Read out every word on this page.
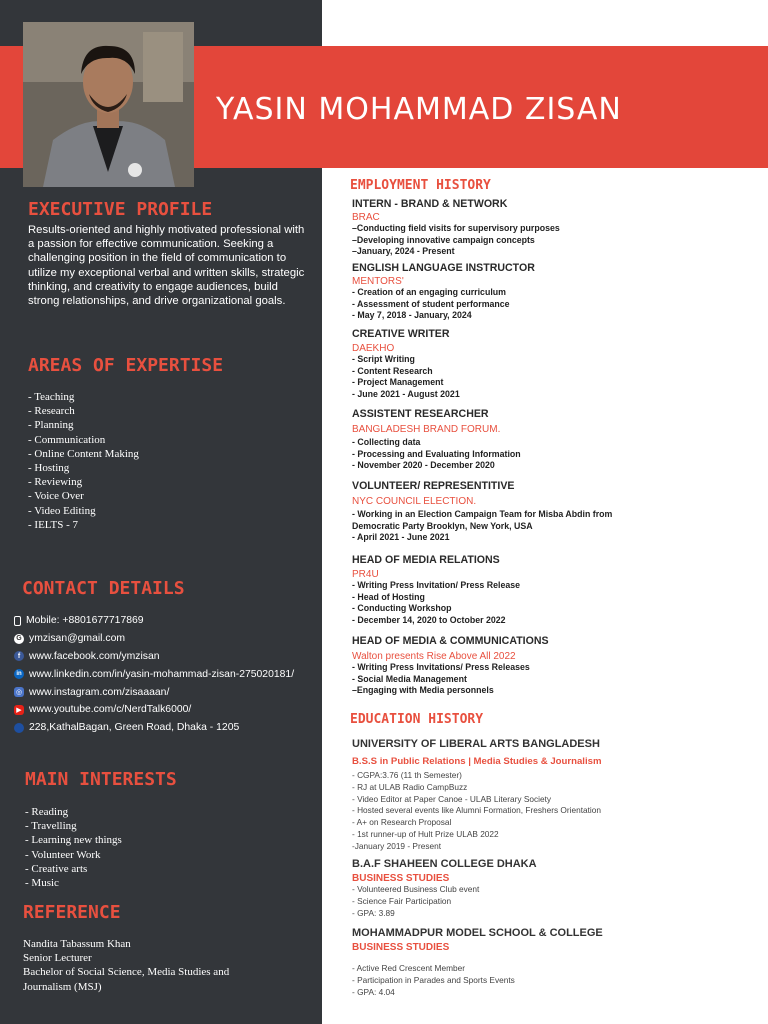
YASIN MOHAMMAD ZISAN
EXECUTIVE PROFILE
Results-oriented and highly motivated professional with a passion for effective communication. Seeking a challenging position in the field of communication to utilize my exceptional verbal and written skills, strategic thinking, and creativity to engage audiences, build strong relationships, and drive organizational goals.
AREAS OF EXPERTISE
- Teaching
- Research
- Planning
- Communication
- Online Content Making
- Hosting
- Reviewing
- Voice Over
- Video Editing
- IELTS - 7
CONTACT DETAILS
Mobile: +8801677717869
G ymzisan@gmail.com
f www.facebook.com/ymzisan
in www.linkedin.com/in/yasin-mohammad-zisan-275020181/
◎ www.instagram.com/zisaaaan/
▶ www.youtube.com/c/NerdTalk6000/
228,KathalBagan, Green Road, Dhaka - 1205
MAIN INTERESTS
- Reading
- Travelling
- Learning new things
- Volunteer Work
- Creative arts
- Music
REFERENCE
Nandita Tabassum Khan
Senior Lecturer
Bachelor of Social Science, Media Studies and
Journalism (MSJ)
EMPLOYMENT HISTORY
INTERN - BRAND & NETWORK
BRAC
–Conducting field visits for supervisory purposes
–Developing innovative campaign concepts
–January, 2024 - Present
ENGLISH LANGUAGE INSTRUCTOR
MENTORS'
- Creation of an engaging curriculum
- Assessment of student performance
- May 7, 2018 - January, 2024
CREATIVE WRITER
DAEKHO
- Script Writing
- Content Research
- Project Management
- June 2021 - August 2021
ASSISTENT RESEARCHER
BANGLADESH BRAND FORUM.
- Collecting data
- Processing and Evaluating Information
- November 2020 - December 2020
VOLUNTEER/ REPRESENTITIVE
NYC COUNCIL ELECTION.
- Working in an Election Campaign Team for Misba Abdin from Democratic Party Brooklyn, New York, USA
- April 2021 - June 2021
HEAD OF MEDIA RELATIONS
PR4U
- Writing Press Invitation/ Press Release
- Head of Hosting
- Conducting Workshop
- December 14, 2020 to October 2022
HEAD OF MEDIA & COMMUNICATIONS
Walton presents Rise Above All 2022
- Writing Press Invitations/ Press Releases
- Social Media Management
–Engaging with Media personnels
EDUCATION HISTORY
UNIVERSITY OF LIBERAL ARTS BANGLADESH
B.S.S in Public Relations | Media Studies & Journalism
- CGPA:3.76 (11 th Semester)
- RJ at ULAB Radio CampBuzz
- Video Editor at Paper Canoe - ULAB Literary Society
- Hosted several events like Alumni Formation, Freshers Orientation
- A+ on Research Proposal
- 1st runner-up of Hult Prize ULAB 2022
-January 2019 - Present
B.A.F SHAHEEN COLLEGE DHAKA
BUSINESS STUDIES
- Volunteered Business Club event
- Science Fair Participation
- GPA: 3.89
MOHAMMADPUR MODEL SCHOOL & COLLEGE
BUSINESS STUDIES
- Active Red Crescent Member
- Participation in Parades and Sports Events
- GPA: 4.04
